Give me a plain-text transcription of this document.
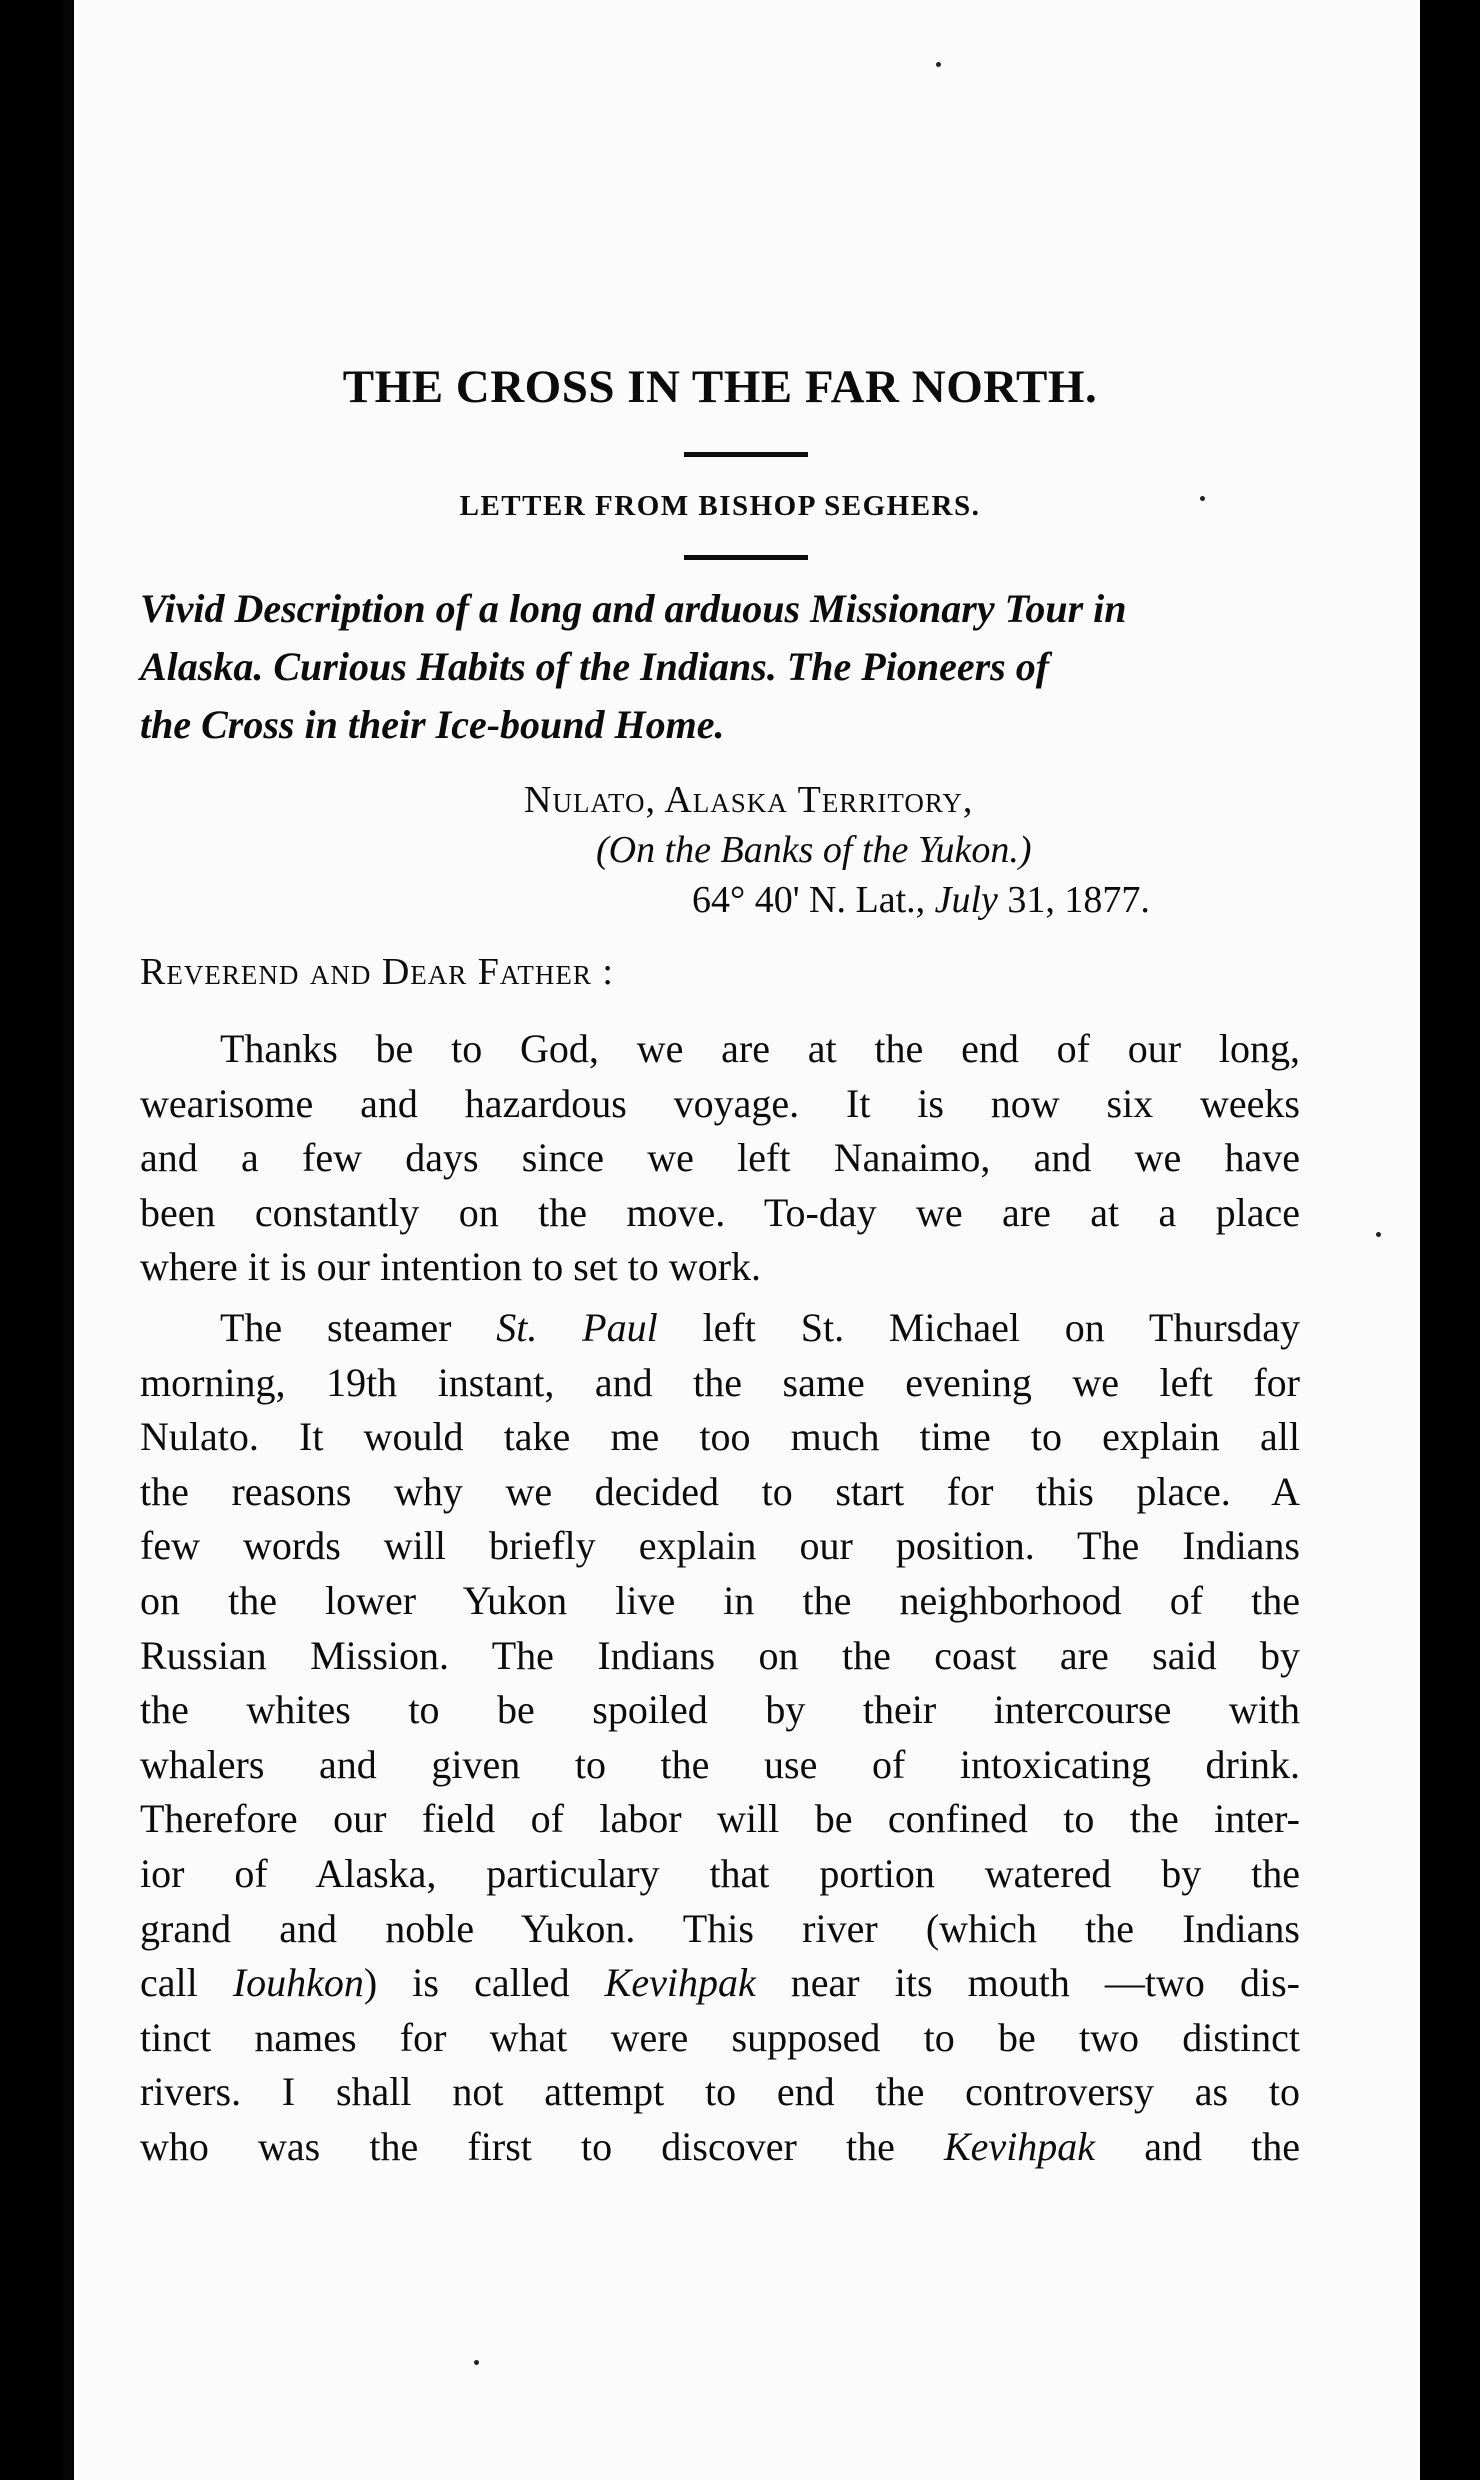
THE CROSS IN THE FAR NORTH.
LETTER FROM BISHOP SEGHERS.
Vivid Description of a long and arduous Missionary Tour in
Alaska. Curious Habits of the Indians. The Pioneers of
the Cross in their Ice-bound Home.
Nulato, Alaska Territory,
(On the Banks of the Yukon.)
64° 40' N. Lat., July 31, 1877.
Reverend and Dear Father :
Thanks be to God, we are at the end of our long,
wearisome and hazardous voyage. It is now six weeks
and a few days since we left Nanaimo, and we have
been constantly on the move. To-day we are at a place
where it is our intention to set to work.
The steamer St. Paul left St. Michael on Thursday
morning, 19th instant, and the same evening we left for
Nulato. It would take me too much time to explain all
the reasons why we decided to start for this place. A
few words will briefly explain our position. The Indians
on the lower Yukon live in the neighborhood of the
Russian Mission. The Indians on the coast are said by
the whites to be spoiled by their intercourse with
whalers and given to the use of intoxicating drink.
Therefore our field of labor will be confined to the inter-
ior of Alaska, particulary that portion watered by the
grand and noble Yukon. This river (which the Indians
call Iouhkon) is called Kevihpak near its mouth —two dis-
tinct names for what were supposed to be two distinct
rivers. I shall not attempt to end the controversy as to
who was the first to discover the Kevihpak and the
